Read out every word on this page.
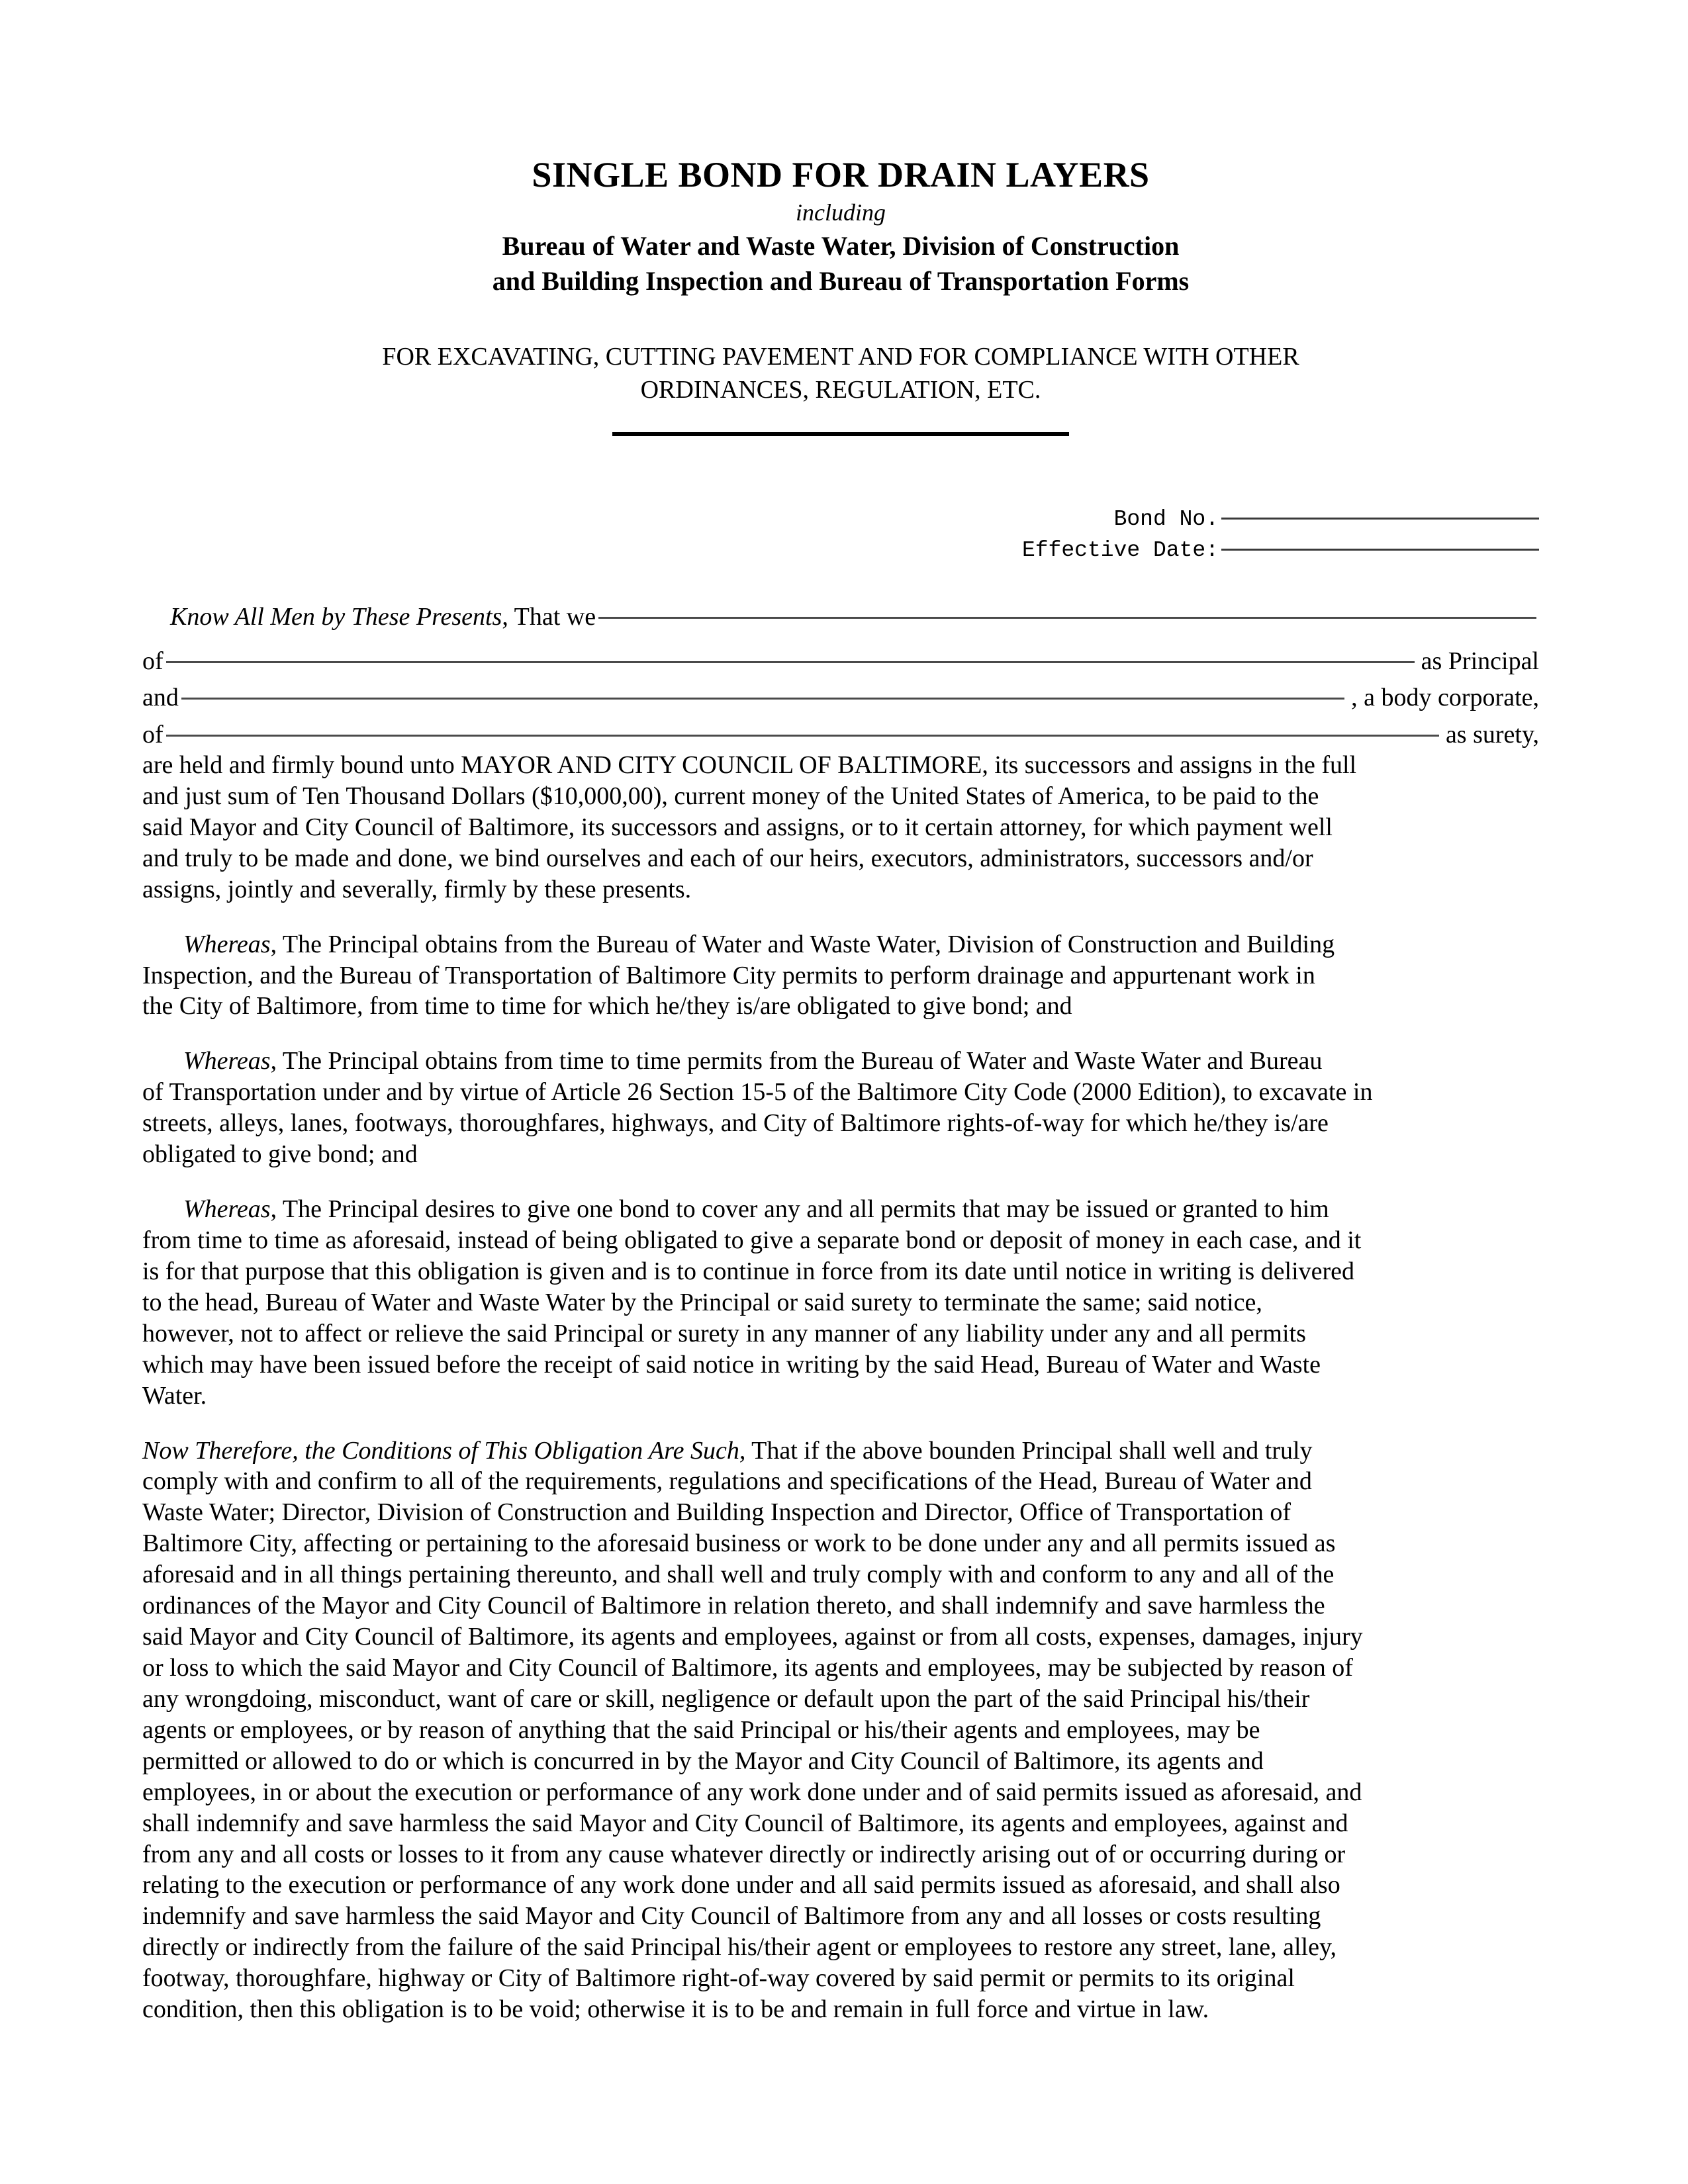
SINGLE BOND FOR DRAIN LAYERS
including
Bureau of Water and Waste Water, Division of Construction
and Building Inspection and Bureau of Transportation Forms
FOR EXCAVATING, CUTTING PAVEMENT AND FOR COMPLIANCE WITH OTHER
ORDINANCES, REGULATION, ETC.
Bond No.
Effective Date:
Know All Men by These Presents, That we
of	as Principal
and	, a body corporate,
of	as surety,
are held and firmly bound unto MAYOR AND CITY COUNCIL OF BALTIMORE, its successors and assigns in the full
and just sum of Ten Thousand Dollars ($10,000,00), current money of the United States of America, to be paid to the
said Mayor and City Council of Baltimore, its successors and assigns, or to it certain attorney, for which payment well
and truly to be made and done, we bind ourselves and each of our heirs, executors, administrators, successors and/or
assigns, jointly and severally, firmly by these presents.
Whereas, The Principal obtains from the Bureau of Water and Waste Water, Division of Construction and Building
Inspection, and the Bureau of Transportation of Baltimore City permits to perform drainage and appurtenant work in
the City of Baltimore, from time to time for which he/they is/are obligated to give bond; and
Whereas, The Principal obtains from time to time permits from the Bureau of Water and Waste Water and Bureau
of Transportation under and by virtue of Article 26 Section 15-5 of the Baltimore City Code (2000 Edition), to excavate in
streets, alleys, lanes, footways, thoroughfares, highways, and City of Baltimore rights-of-way for which he/they is/are
obligated to give bond; and
Whereas, The Principal desires to give one bond to cover any and all permits that may be issued or granted to him
from time to time as aforesaid, instead of being obligated to give a separate bond or deposit of money in each case, and it
is for that purpose that this obligation is given and is to continue in force from its date until notice in writing is delivered
to the head, Bureau of Water and Waste Water by the Principal or said surety to terminate the same; said notice,
however, not to affect or relieve the said Principal or surety in any manner of any liability under any and all permits
which may have been issued before the receipt of said notice in writing by the said Head, Bureau of Water and Waste
Water.
Now Therefore, the Conditions of This Obligation Are Such, That if the above bounden Principal shall well and truly
comply with and confirm to all of the requirements, regulations and specifications of the Head, Bureau of Water and
Waste Water; Director, Division of Construction and Building Inspection and Director, Office of Transportation of
Baltimore City, affecting or pertaining to the aforesaid business or work to be done under any and all permits issued as
aforesaid and in all things pertaining thereunto, and shall well and truly comply with and conform to any and all of the
ordinances of the Mayor and City Council of Baltimore in relation thereto, and shall indemnify and save harmless the
said Mayor and City Council of Baltimore, its agents and employees, against or from all costs, expenses, damages, injury
or loss to which the said Mayor and City Council of Baltimore, its agents and employees, may be subjected by reason of
any wrongdoing, misconduct, want of care or skill, negligence or default upon the part of the said Principal his/their
agents or employees, or by reason of anything that the said Principal or his/their agents and employees, may be
permitted or allowed to do or which is concurred in by the Mayor and City Council of Baltimore, its agents and
employees, in or about the execution or performance of any work done under and of said permits issued as aforesaid, and
shall indemnify and save harmless the said Mayor and City Council of Baltimore, its agents and employees, against and
from any and all costs or losses to it from any cause whatever directly or indirectly arising out of or occurring during or
relating to the execution or performance of any work done under and all said permits issued as aforesaid, and shall also
indemnify and save harmless the said Mayor and City Council of Baltimore from any and all losses or costs resulting
directly or indirectly from the failure of the said Principal his/their agent or employees to restore any street, lane, alley,
footway, thoroughfare, highway or City of Baltimore right-of-way covered by said permit or permits to its original
condition, then this obligation is to be void; otherwise it is to be and remain in full force and virtue in law.
